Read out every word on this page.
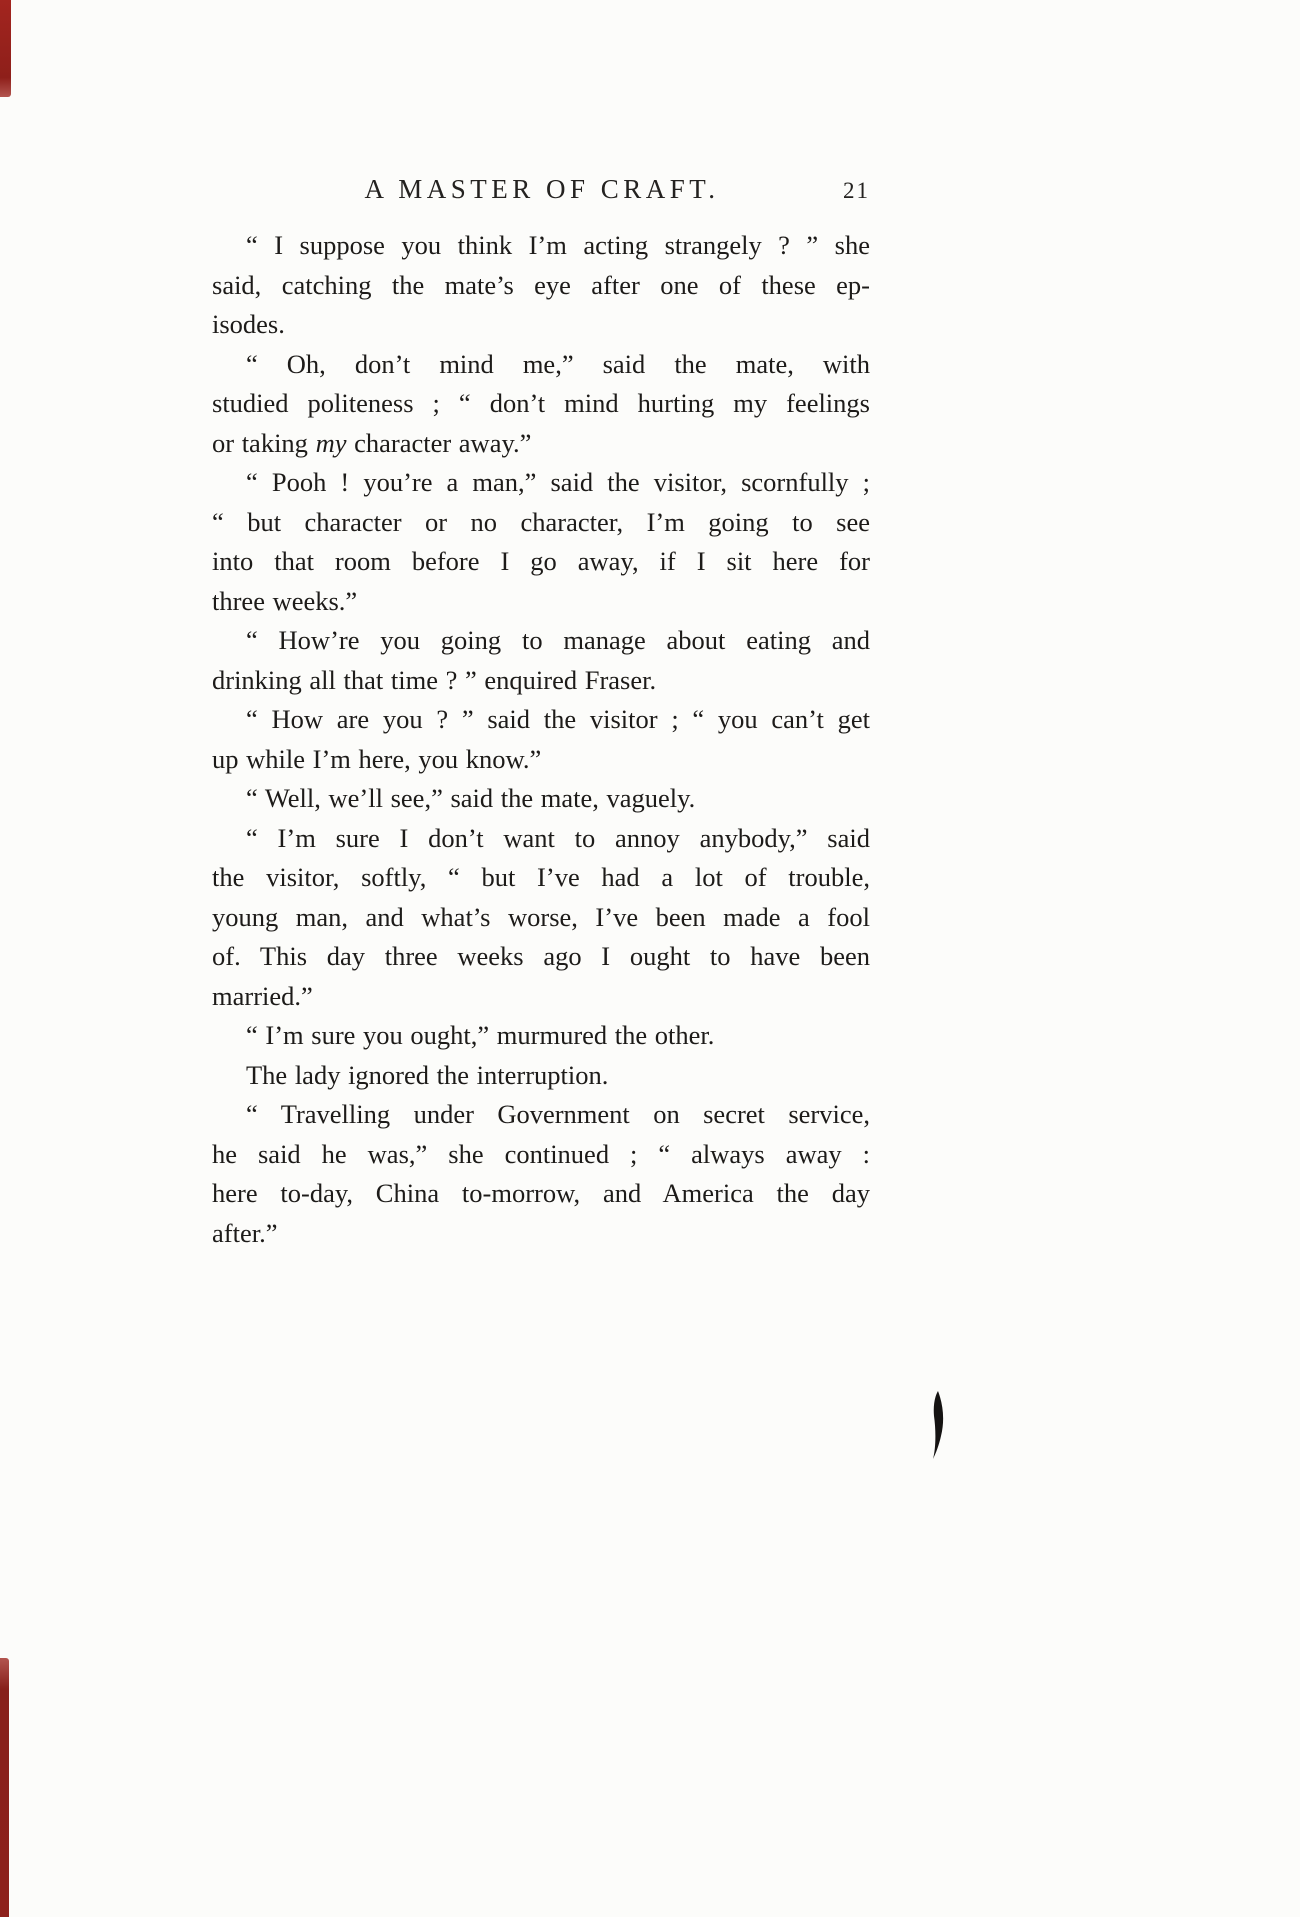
A MASTER OF CRAFT.	21
“ I suppose you think I’m acting strangely ? ” she
said, catching the mate’s eye after one of these ep-
isodes.
“ Oh, don’t mind me,” said the mate, with
studied politeness ; “ don’t mind hurting my feelings
or taking my character away.”
“ Pooh ! you’re a man,” said the visitor, scornfully ;
“ but character or no character, I’m going to see
into that room before I go away, if I sit here for
three weeks.”
“ How’re you going to manage about eating and
drinking all that time ? ” enquired Fraser.
“ How are you ? ” said the visitor ; “ you can’t get
up while I’m here, you know.”
“ Well, we’ll see,” said the mate, vaguely.
“ I’m sure I don’t want to annoy anybody,” said
the visitor, softly, “ but I’ve had a lot of trouble,
young man, and what’s worse, I’ve been made a fool
of. This day three weeks ago I ought to have been
married.”
“ I’m sure you ought,” murmured the other.
The lady ignored the interruption.
“ Travelling under Government on secret service,
he said he was,” she continued ; “ always away :
here to-day, China to-morrow, and America the day
after.”
